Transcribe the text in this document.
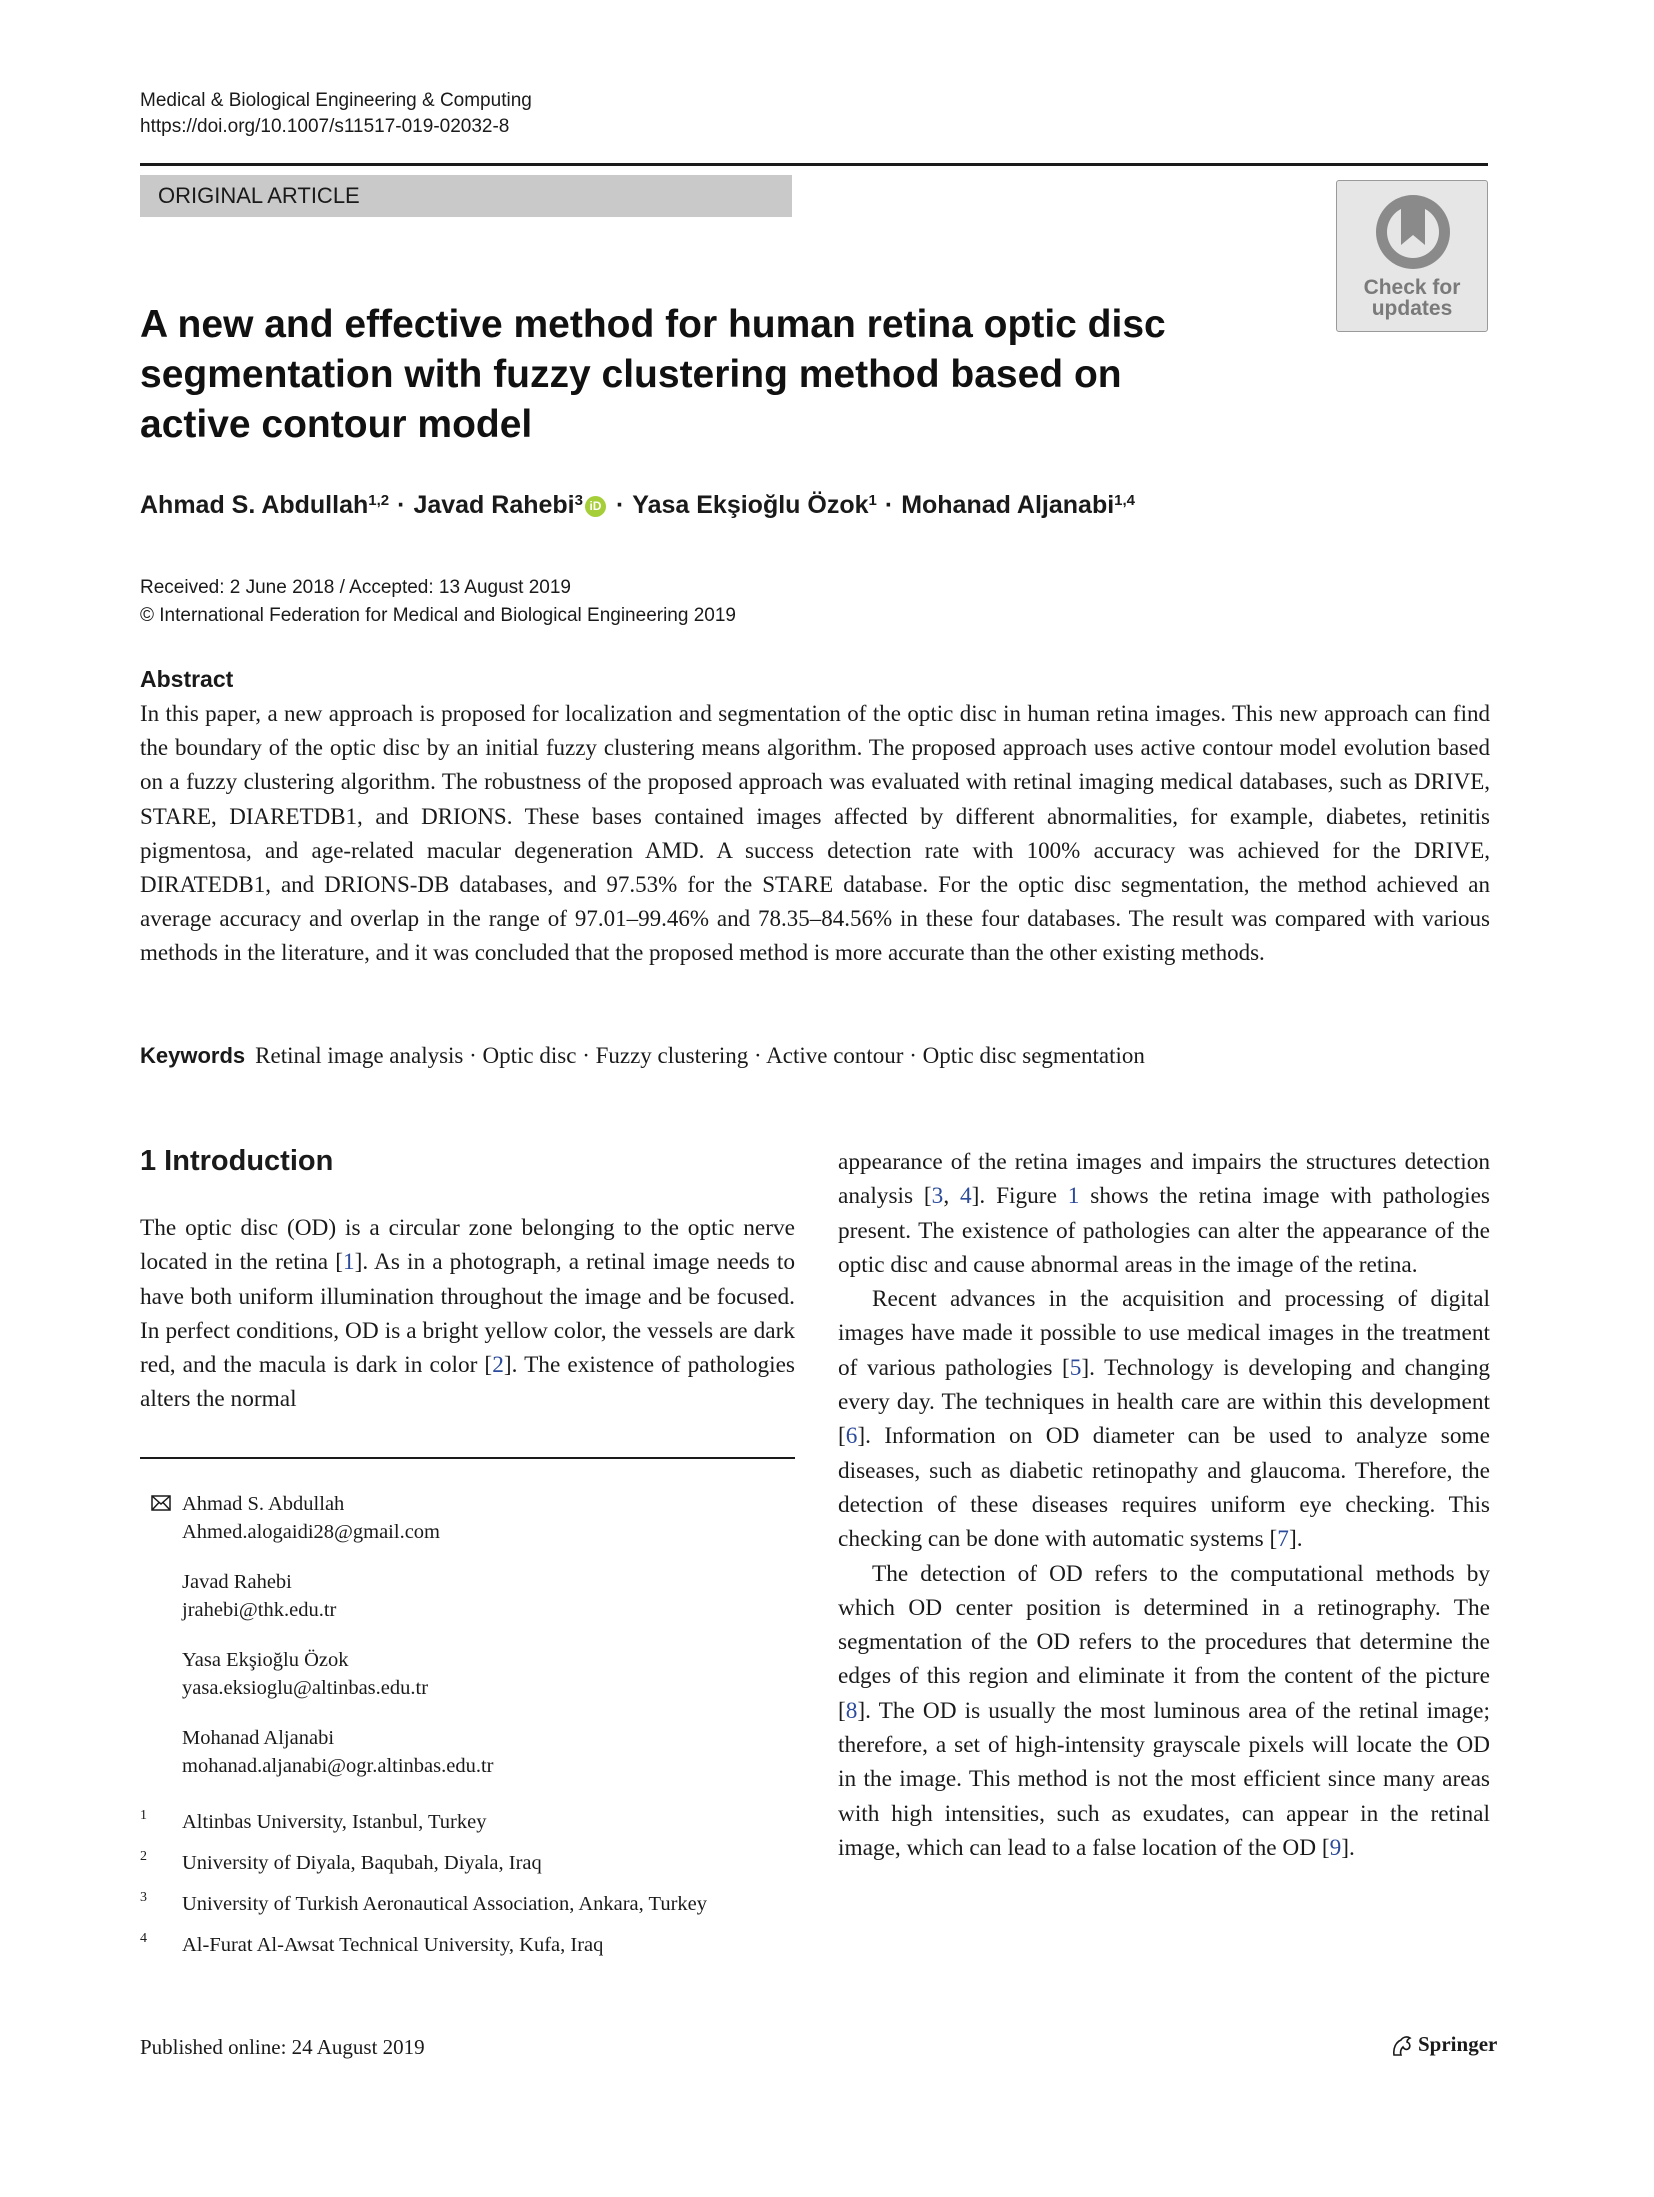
Medical & Biological Engineering & Computing
https://doi.org/10.1007/s11517-019-02032-8
ORIGINAL ARTICLE
Check for
updates
A new and effective method for human retina optic disc segmentation with fuzzy clustering method based on active contour model
Ahmad S. Abdullah$^{1,2}$ · Javad Rahebi$^3$ iD · Yasa Ekşioğlu Özok$^1$ · Mohanad Aljanabi$^{1,4}$
Received: 2 June 2018 / Accepted: 13 August 2019
© International Federation for Medical and Biological Engineering 2019
Abstract
In this paper, a new approach is proposed for localization and segmentation of the optic disc in human retina images. This new approach can find the boundary of the optic disc by an initial fuzzy clustering means algorithm. The proposed approach uses active contour model evolution based on a fuzzy clustering algorithm. The robustness of the proposed approach was evaluated with retinal imaging medical databases, such as DRIVE, STARE, DIARETDB1, and DRIONS. These bases contained images affected by different abnormalities, for example, diabetes, retinitis pigmentosa, and age-related macular degeneration AMD. A success detection rate with 100% accuracy was achieved for the DRIVE, DIRATEDB1, and DRIONS-DB databases, and 97.53% for the STARE database. For the optic disc segmentation, the method achieved an average accuracy and overlap in the range of 97.01–99.46% and 78.35–84.56% in these four databases. The result was compared with various methods in the literature, and it was concluded that the proposed method is more accurate than the other existing methods.
Keywords Retinal image analysis · Optic disc · Fuzzy clustering · Active contour · Optic disc segmentation
1 Introduction

The optic disc (OD) is a circular zone belonging to the optic nerve located in the retina [1]. As in a photograph, a retinal image needs to have both uniform illumination throughout the image and be focused. In perfect conditions, OD is a bright yellow color, the vessels are dark red, and the macula is dark in color [2]. The existence of pathologies alters the normal

appearance of the retina images and impairs the structures detection analysis [3, 4]. Figure 1 shows the retina image with pathologies present. The existence of pathologies can alter the appearance of the optic disc and cause abnormal areas in the image of the retina.

Recent advances in the acquisition and processing of digital images have made it possible to use medical images in the treatment of various pathologies [5]. Technology is developing and changing every day. The techniques in health care are within this development [6]. Information on OD diameter can be used to analyze some diseases, such as diabetic retinopathy and glaucoma. Therefore, the detection of these diseases requires uniform eye checking. This checking can be done with automatic systems [7].

The detection of OD refers to the computational methods by which OD center position is determined in a retinography. The segmentation of the OD refers to the procedures that determine the edges of this region and eliminate it from the content of the picture [8]. The OD is usually the most luminous area of the retinal image; therefore, a set of high-intensity grayscale pixels will locate the OD in the image. This method is not the most efficient since many areas with high intensities, such as exudates, can appear in the retinal image, which can lead to a false location of the OD [9].

Ahmad S. Abdullah
Ahmed.alogaidi28@gmail.com
Javad Rahebi
jrahebi@thk.edu.tr
Yasa Ekşioğlu Özok
yasa.eksioglu@altinbas.edu.tr
Mohanad Aljanabi
mohanad.aljanabi@ogr.altinbas.edu.tr
1 Altinbas University, Istanbul, Turkey
2 University of Diyala, Baqubah, Diyala, Iraq
3 University of Turkish Aeronautical Association, Ankara, Turkey
4 Al-Furat Al-Awsat Technical University, Kufa, Iraq
Published online: 24 August 2019	Springer
